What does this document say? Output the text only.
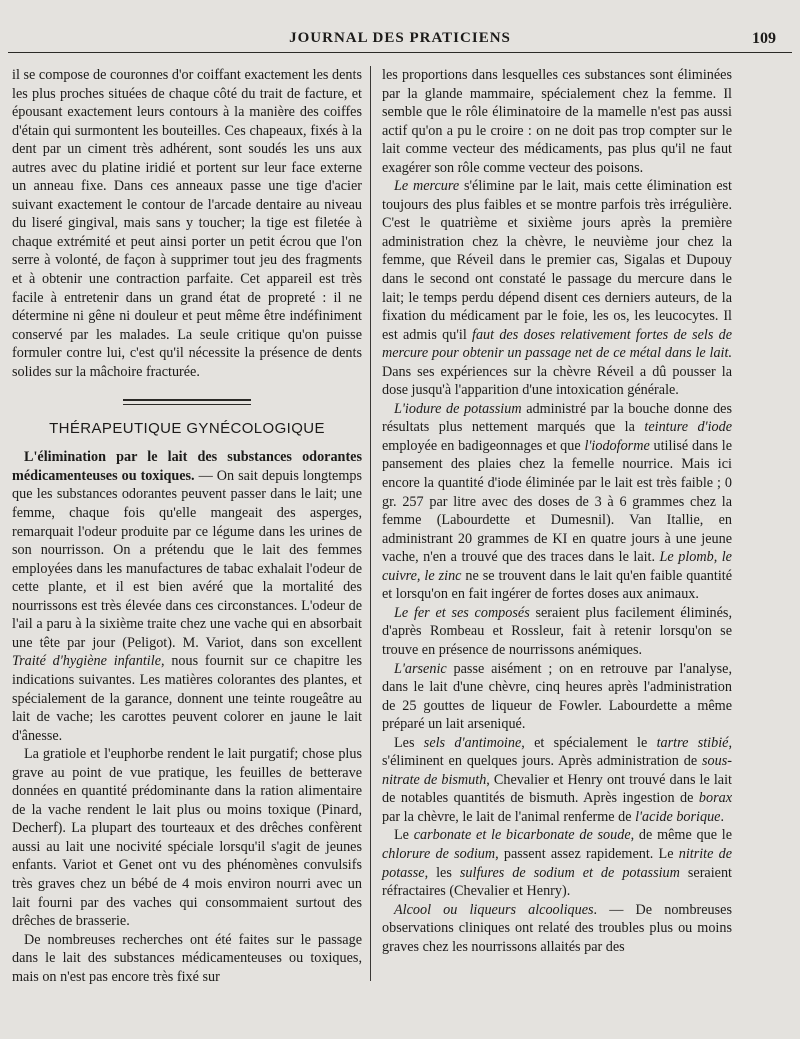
JOURNAL DES PRATICIENS	109

il se compose de couronnes d'or coiffant exactement les dents les plus proches situées de chaque côté du trait de facture, et épousant exactement leurs contours à la manière des coiffes d'étain qui surmontent les bouteilles. Ces chapeaux, fixés à la dent par un ciment très adhérent, sont soudés les uns aux autres avec du platine iridié et portent sur leur face externe un anneau fixe. Dans ces anneaux passe une tige d'acier suivant exactement le contour de l'arcade dentaire au niveau du liseré gingival, mais sans y toucher; la tige est filetée à chaque extrémité et peut ainsi porter un petit écrou que l'on serre à volonté, de façon à supprimer tout jeu des fragments et à obtenir une contraction parfaite. Cet appareil est très facile à entretenir dans un grand état de propreté : il ne détermine ni gêne ni douleur et peut même être indéfiniment conservé par les malades. La seule critique qu'on puisse formuler contre lui, c'est qu'il nécessite la présence de dents solides sur la mâchoire fracturée.

THÉRAPEUTIQUE GYNÉCOLOGIQUE

L'élimination par le lait des substances odorantes médicamenteuses ou toxiques. — On sait depuis longtemps que les substances odorantes peuvent passer dans le lait; une femme, chaque fois qu'elle mangeait des asperges, remarquait l'odeur produite par ce légume dans les urines de son nourrisson. On a prétendu que le lait des femmes employées dans les manufactures de tabac exhalait l'odeur de cette plante, et il est bien avéré que la mortalité des nourrissons est très élevée dans ces circonstances. L'odeur de l'ail a paru à la sixième traite chez une vache qui en absorbait une tête par jour (Peligot). M. Variot, dans son excellent Traité d'hygiène infantile, nous fournit sur ce chapitre les indications suivantes. Les matières colorantes des plantes, et spécialement de la garance, donnent une teinte rougeâtre au lait de vache; les carottes peuvent colorer en jaune le lait d'ânesse.

La gratiole et l'euphorbe rendent le lait purgatif; chose plus grave au point de vue pratique, les feuilles de betterave données en quantité prédominante dans la ration alimentaire de la vache rendent le lait plus ou moins toxique (Pinard, Decherf). La plupart des tourteaux et des drêches confèrent aussi au lait une nocivité spéciale lorsqu'il s'agit de jeunes enfants. Variot et Genet ont vu des phénomènes convulsifs très graves chez un bébé de 4 mois environ nourri avec un lait fourni par des vaches qui consommaient surtout des drêches de brasserie.

De nombreuses recherches ont été faites sur le passage dans le lait des substances médicamenteuses ou toxiques, mais on n'est pas encore très fixé sur

les proportions dans lesquelles ces substances sont éliminées par la glande mammaire, spécialement chez la femme. Il semble que le rôle éliminatoire de la mamelle n'est pas aussi actif qu'on a pu le croire : on ne doit pas trop compter sur le lait comme vecteur des médicaments, pas plus qu'il ne faut exagérer son rôle comme vecteur des poisons.

Le mercure s'élimine par le lait, mais cette élimination est toujours des plus faibles et se montre parfois très irrégulière. C'est le quatrième et sixième jours après la première administration chez la chèvre, le neuvième jour chez la femme, que Réveil dans le premier cas, Sigalas et Dupouy dans le second ont constaté le passage du mercure dans le lait; le temps perdu dépend disent ces derniers auteurs, de la fixation du médicament par le foie, les os, les leucocytes. Il est admis qu'il faut des doses relativement fortes de sels de mercure pour obtenir un passage net de ce métal dans le lait. Dans ses expériences sur la chèvre Réveil a dû pousser la dose jusqu'à l'apparition d'une intoxication générale.

L'iodure de potassium administré par la bouche donne des résultats plus nettement marqués que la teinture d'iode employée en badigeonnages et que l'iodoforme utilisé dans le pansement des plaies chez la femelle nourrice. Mais ici encore la quantité d'iode éliminée par le lait est très faible ; 0 gr. 257 par litre avec des doses de 3 à 6 grammes chez la femme (Labourdette et Dumesnil). Van Itallie, en administrant 20 grammes de KI en quatre jours à une jeune vache, n'en a trouvé que des traces dans le lait. Le plomb, le cuivre, le zinc ne se trouvent dans le lait qu'en faible quantité et lorsqu'on en fait ingérer de fortes doses aux animaux.

Le fer et ses composés seraient plus facilement éliminés, d'après Rombeau et Rossleur, fait à retenir lorsqu'on se trouve en présence de nourrissons anémiques.

L'arsenic passe aisément ; on en retrouve par l'analyse, dans le lait d'une chèvre, cinq heures après l'administration de 25 gouttes de liqueur de Fowler. Labourdette a même préparé un lait arseniqué.

Les sels d'antimoine, et spécialement le tartre stibié, s'éliminent en quelques jours. Après administration de sous-nitrate de bismuth, Chevalier et Henry ont trouvé dans le lait de notables quantités de bismuth. Après ingestion de borax par la chèvre, le lait de l'animal renferme de l'acide borique.

Le carbonate et le bicarbonate de soude, de même que le chlorure de sodium, passent assez rapidement. Le nitrite de potasse, les sulfures de sodium et de potassium seraient réfractaires (Chevalier et Henry).

Alcool ou liqueurs alcooliques. — De nombreuses observations cliniques ont relaté des troubles plus ou moins graves chez les nourrissons allaités par des
